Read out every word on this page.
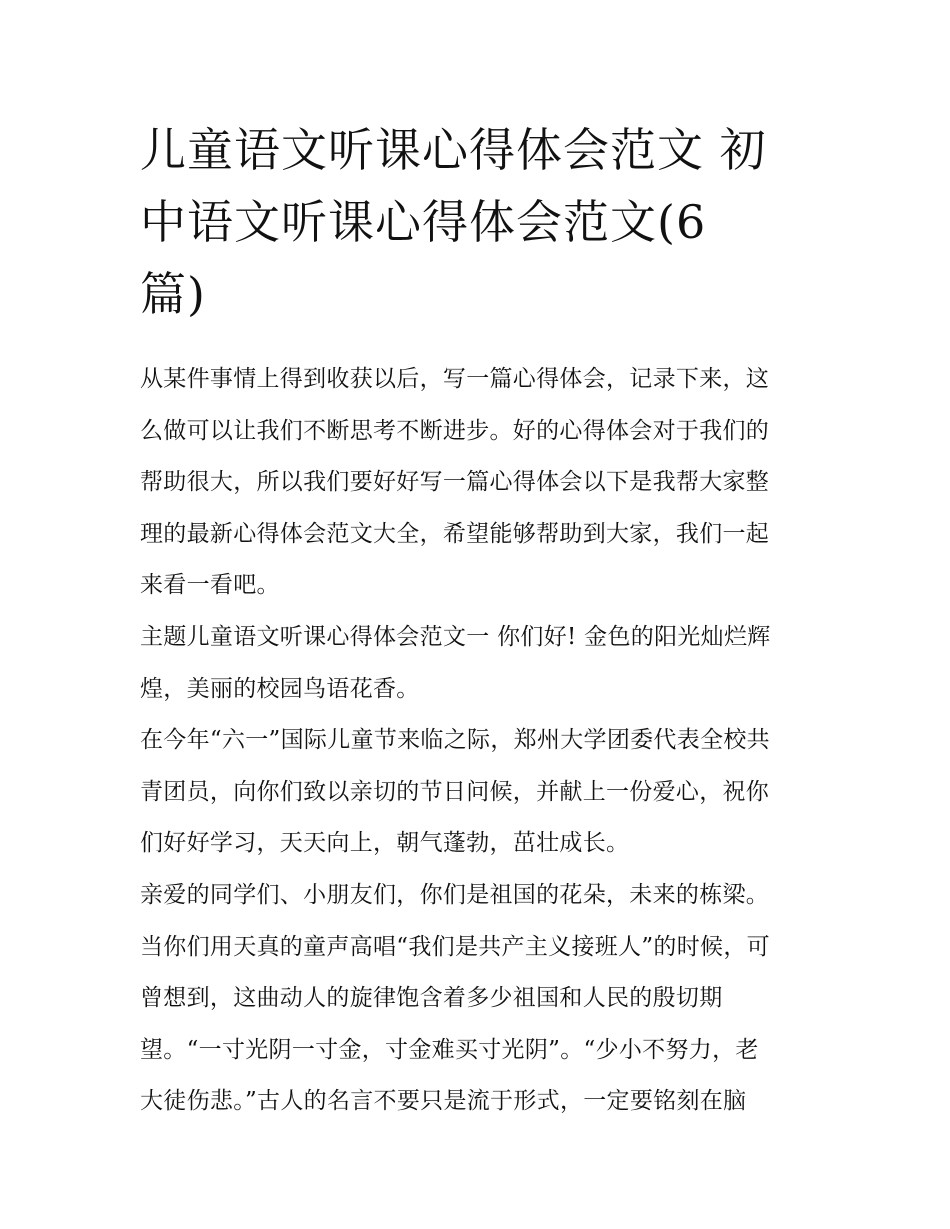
儿童语文听课心得体会范文 初
中语文听课心得体会范文(6
篇)
从某件事情上得到收获以后，写一篇心得体会，记录下来，这
么做可以让我们不断思考不断进步。好的心得体会对于我们的
帮助很大，所以我们要好好写一篇心得体会以下是我帮大家整
理的最新心得体会范文大全，希望能够帮助到大家，我们一起
来看一看吧。
主题儿童语文听课心得体会范文一 你们好! 金色的阳光灿烂辉
煌，美丽的校园鸟语花香。
在今年“六一”国际儿童节来临之际，郑州大学团委代表全校共
青团员，向你们致以亲切的节日问候，并献上一份爱心，祝你
们好好学习，天天向上，朝气蓬勃，茁壮成长。
亲爱的同学们、小朋友们，你们是祖国的花朵，未来的栋梁。
当你们用天真的童声高唱“我们是共产主义接班人”的时候，可
曾想到，这曲动人的旋律饱含着多少祖国和人民的殷切期
望。“一寸光阴一寸金，寸金难买寸光阴”。“少小不努力，老
大徒伤悲。”古人的名言不要只是流于形式，一定要铭刻在脑
